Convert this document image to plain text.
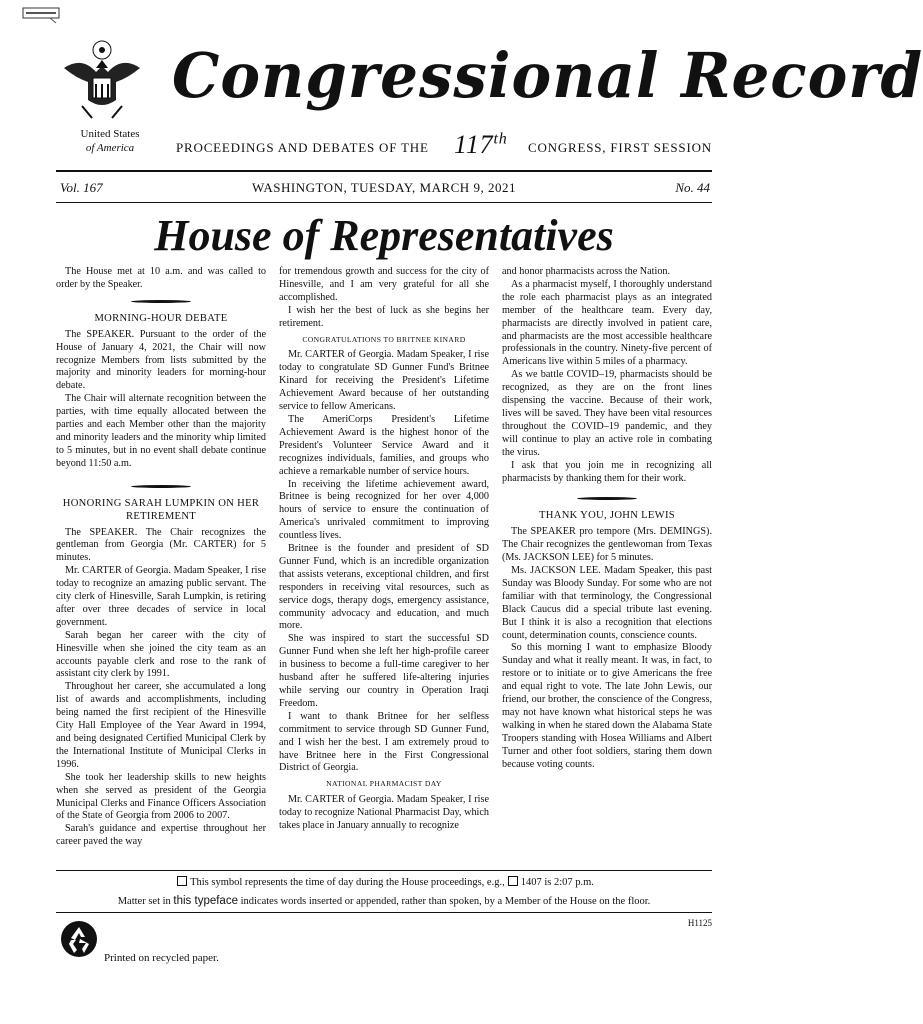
Congressional Record
United States
of America	PROCEEDINGS AND DEBATES OF THE 117th
CONGRESS, FIRST SESSION
WASHINGTON, TUESDAY, MARCH 9, 2021
Vol. 167	No. 44
House of Representatives

The House met at 10 a.m. and was called to order by the Speaker.

MORNING-HOUR DEBATE

The SPEAKER. Pursuant to the order of the House of January 4, 2021, the Chair will now recognize Members from lists submitted by the majority and minority leaders for morning-hour debate.

The Chair will alternate recognition between the parties, with time equally allocated between the parties and each Member other than the majority and minority leaders and the minority whip limited to 5 minutes, but in no event shall debate continue beyond 11:50 a.m.

HONORING SARAH LUMPKIN ON HER RETIREMENT

The SPEAKER. The Chair recognizes the gentleman from Georgia (Mr. CARTER) for 5 minutes.

Mr. CARTER of Georgia. Madam Speaker, I rise today to recognize an amazing public servant. The city clerk of Hinesville, Sarah Lumpkin, is retiring after over three decades of service in local government.

Sarah began her career with the city of Hinesville when she joined the city team as an accounts payable clerk and rose to the rank of assistant city clerk by 1991.

Throughout her career, she accumulated a long list of awards and accomplishments, including being named the first recipient of the Hinesville City Hall Employee of the Year Award in 1994, and being designated Certified Municipal Clerk by the International Institute of Municipal Clerks in 1996.

She took her leadership skills to new heights when she served as president of the Georgia Municipal Clerks and Finance Officers Association of the State of Georgia from 2006 to 2007.

Sarah's guidance and expertise throughout her career paved the way

for tremendous growth and success for the city of Hinesville, and I am very grateful for all she accomplished.

I wish her the best of luck as she begins her retirement.

CONGRATULATIONS TO BRITNEE KINARD

Mr. CARTER of Georgia. Madam Speaker, I rise today to congratulate SD Gunner Fund's Britnee Kinard for receiving the President's Lifetime Achievement Award because of her outstanding service to fellow Americans.

The AmeriCorps President's Lifetime Achievement Award is the highest honor of the President's Volunteer Service Award and it recognizes individuals, families, and groups who achieve a remarkable number of service hours.

In receiving the lifetime achievement award, Britnee is being recognized for her over 4,000 hours of service to ensure the continuation of America's unrivaled commitment to improving countless lives.

Britnee is the founder and president of SD Gunner Fund, which is an incredible organization that assists veterans, exceptional children, and first responders in receiving vital resources, such as service dogs, therapy dogs, emergency assistance, community advocacy and education, and much more.

She was inspired to start the successful SD Gunner Fund when she left her high-profile career in business to become a full-time caregiver to her husband after he suffered life-altering injuries while serving our country in Operation Iraqi Freedom.

I want to thank Britnee for her selfless commitment to service through SD Gunner Fund, and I wish her the best. I am extremely proud to have Britnee here in the First Congressional District of Georgia.

NATIONAL PHARMACIST DAY

Mr. CARTER of Georgia. Madam Speaker, I rise today to recognize National Pharmacist Day, which takes place in January annually to recognize

and honor pharmacists across the Nation.

As a pharmacist myself, I thoroughly understand the role each pharmacist plays as an integrated member of the healthcare team. Every day, pharmacists are directly involved in patient care, and pharmacists are the most accessible healthcare professionals in the country. Ninety-five percent of Americans live within 5 miles of a pharmacy.

As we battle COVID–19, pharmacists should be recognized, as they are on the front lines dispensing the vaccine. Because of their work, lives will be saved. They have been vital resources throughout the COVID–19 pandemic, and they will continue to play an active role in combating the virus.

I ask that you join me in recognizing all pharmacists by thanking them for their work.

THANK YOU, JOHN LEWIS

The SPEAKER pro tempore (Mrs. DEMINGS). The Chair recognizes the gentlewoman from Texas (Ms. JACKSON LEE) for 5 minutes.

Ms. JACKSON LEE. Madam Speaker, this past Sunday was Bloody Sunday. For some who are not familiar with that terminology, the Congressional Black Caucus did a special tribute last evening. But I think it is also a recognition that elections count, determination counts, conscience counts.

So this morning I want to emphasize Bloody Sunday and what it really meant. It was, in fact, to restore or to initiate or to give Americans the free and equal right to vote. The late John Lewis, our friend, our brother, the conscience of the Congress, may not have known what historical steps he was walking in when he stared down the Alabama State Troopers standing with Hosea Williams and Albert Turner and other foot soldiers, staring them down because voting counts.

This symbol represents the time of day during the House proceedings, e.g., 1407 is 2:07 p.m.
Matter set in this typeface indicates words inserted or appended, rather than spoken, by a Member of the House on the floor.
H1125
Printed on recycled paper.
